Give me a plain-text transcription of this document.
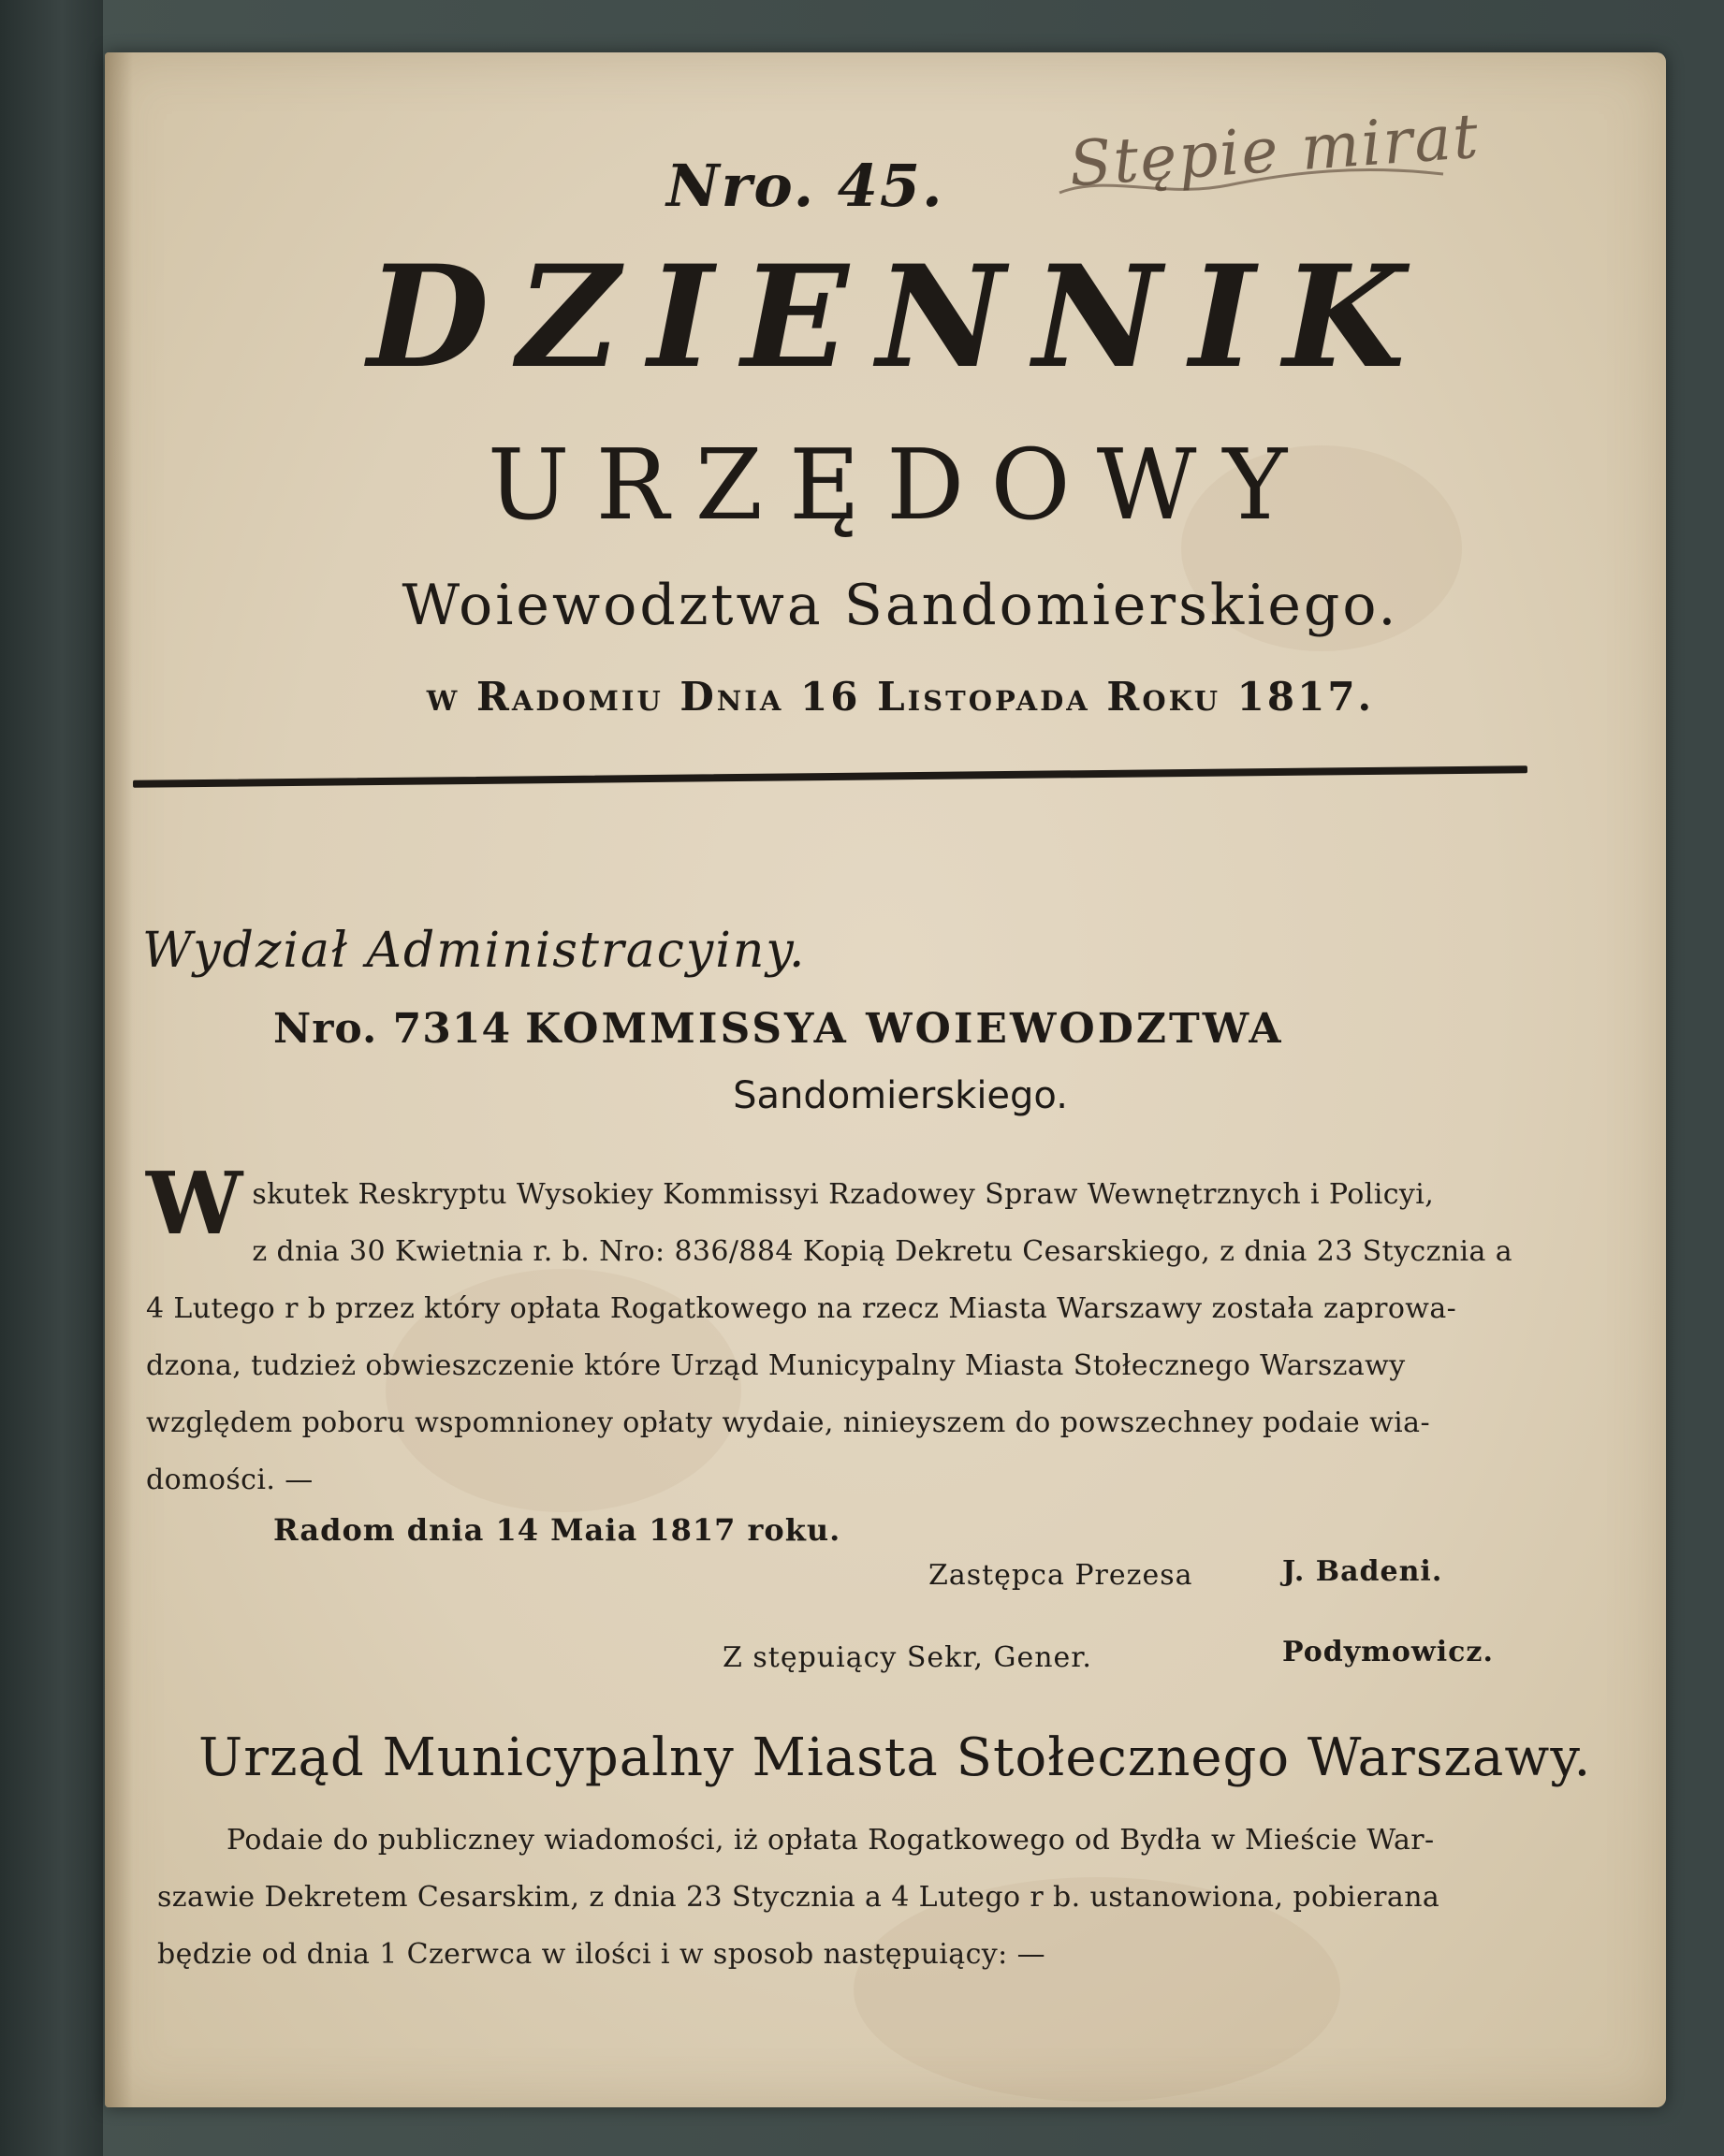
Stępie mirat
Nro. 45.
DZIENNIK
URZĘDOWY
Woiewodztwa Sandomierskiego.
w Radomiu Dnia 16 Listopada Roku 1817.
Wydział Administracyiny.
Nro. 7314 KOMMISSYA WOIEWODZTWA
Sandomierskiego.
W skutek Reskryptu Wysokiey Kommissyi Rzadowey Spraw Wewnętrznych i Policyi,
z dnia 30 Kwietnia r. b. Nro: 836/884 Kopią Dekretu Cesarskiego, z dnia 23 Stycznia a
4 Lutego r b przez który opłata Rogatkowego na rzecz Miasta Warszawy została zaprowa-
dzona, tudzież obwieszczenie które Urząd Municypalny Miasta Stołecznego Warszawy
względem poboru wspomnioney opłaty wydaie, ninieyszem do powszechney podaie wia-
domości. —
Radom dnia 14 Maia 1817 roku.
Zastępca Prezesa	J. Badeni.
Z stępuiący Sekr, Gener.	Podymowicz.
Urząd Municypalny Miasta Stołecznego Warszawy.
Podaie do publiczney wiadomości, iż opłata Rogatkowego od Bydła w Mieście War-
szawie Dekretem Cesarskim, z dnia 23 Stycznia a 4 Lutego r b. ustanowiona, pobierana
będzie od dnia 1 Czerwca w ilości i w sposob następuiący: —
